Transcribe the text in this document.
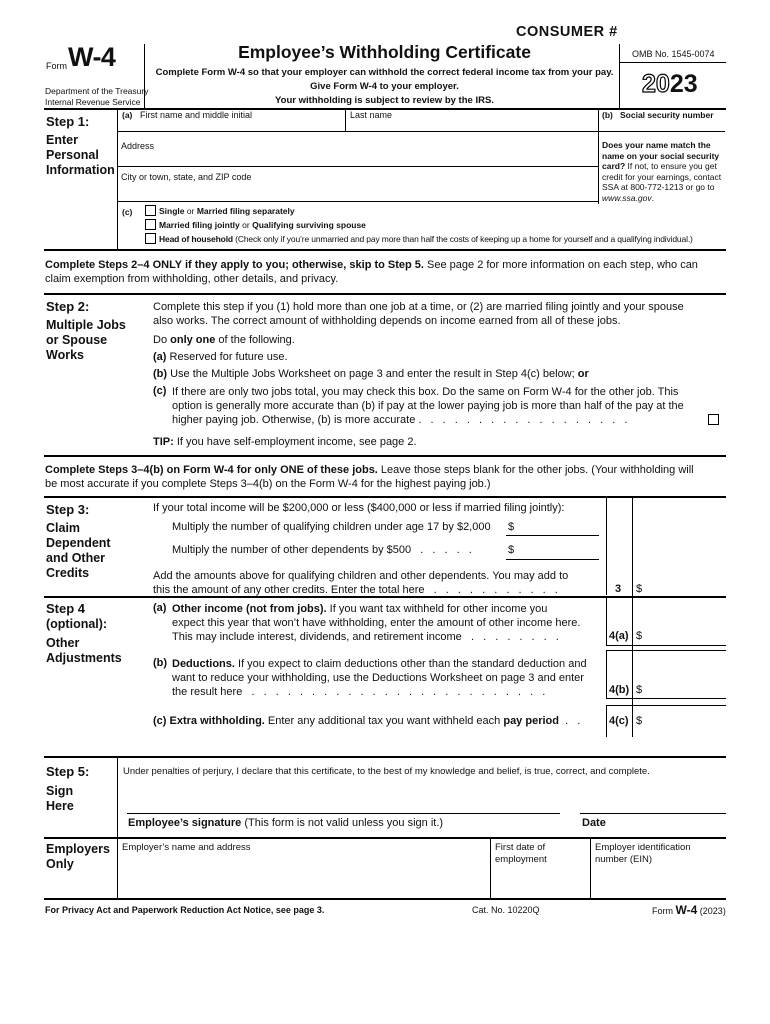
CONSUMER #
Form W-4
Department of the Treasury
Internal Revenue Service
Employee’s Withholding Certificate
Complete Form W-4 so that your employer can withhold the correct federal income tax from your pay.
Give Form W-4 to your employer.
Your withholding is subject to review by the IRS.
OMB No. 1545-0074
2023
Step 1:
Enter
Personal
Information
(a) First name and middle initial	Last name	(b) Social security number
Address
City or town, state, and ZIP code
Does your name match the name on your social security card? If not, to ensure you get credit for your earnings, contact SSA at 800-772-1213 or go to www.ssa.gov.
(c)	Single or Married filing separately
Married filing jointly or Qualifying surviving spouse
Head of household (Check only if you’re unmarried and pay more than half the costs of keeping up a home for yourself and a qualifying individual.)
Complete Steps 2–4 ONLY if they apply to you; otherwise, skip to Step 5. See page 2 for more information on each step, who can
claim exemption from withholding, other details, and privacy.
Step 2:
Multiple Jobs
or Spouse
Works
Complete this step if you (1) hold more than one job at a time, or (2) are married filing jointly and your spouse
also works. The correct amount of withholding depends on income earned from all of these jobs.
Do only one of the following.
(a) Reserved for future use.
(b) Use the Multiple Jobs Worksheet on page 3 and enter the result in Step 4(c) below; or
(c) If there are only two jobs total, you may check this box. Do the same on Form W-4 for the other job. This
option is generally more accurate than (b) if pay at the lower paying job is more than half of the pay at the
higher paying job. Otherwise, (b) is more accurate . . . . . . . . . . . . . . . . . .
TIP: If you have self-employment income, see page 2.
Complete Steps 3–4(b) on Form W-4 for only ONE of these jobs. Leave those steps blank for the other jobs. (Your withholding will
be most accurate if you complete Steps 3–4(b) on the Form W-4 for the highest paying job.)
Step 3:
Claim
Dependent
and Other
Credits
If your total income will be $200,000 or less ($400,000 or less if married filing jointly):
Multiply the number of qualifying children under age 17 by $2,000 $
Multiply the number of other dependents by $500 . . . . .	$
Add the amounts above for qualifying children and other dependents. You may add to
this the amount of any other credits. Enter the total here . . . . . . . . . . .	3 $
Step 4
(optional):
Other
Adjustments
(a) Other income (not from jobs). If you want tax withheld for other income you
expect this year that won’t have withholding, enter the amount of other income here.
This may include interest, dividends, and retirement income . . . . . . . .	4(a) $
(b) Deductions. If you expect to claim deductions other than the standard deduction and
want to reduce your withholding, use the Deductions Worksheet on page 3 and enter
the result here . . . . . . . . . . . . . . . . . . . . . . . . .	4(b) $
(c) Extra withholding. Enter any additional tax you want withheld each pay period . . 4(c) $
Step 5:
Sign
Here
Under penalties of perjury, I declare that this certificate, to the best of my knowledge and belief, is true, correct, and complete.
Employee’s signature (This form is not valid unless you sign it.)	Date
Employers
Only
Employer’s name and address	First date of
employment
Employer identification
number (EIN)
For Privacy Act and Paperwork Reduction Act Notice, see page 3.	Cat. No. 10220Q	Form W-4 (2023)
